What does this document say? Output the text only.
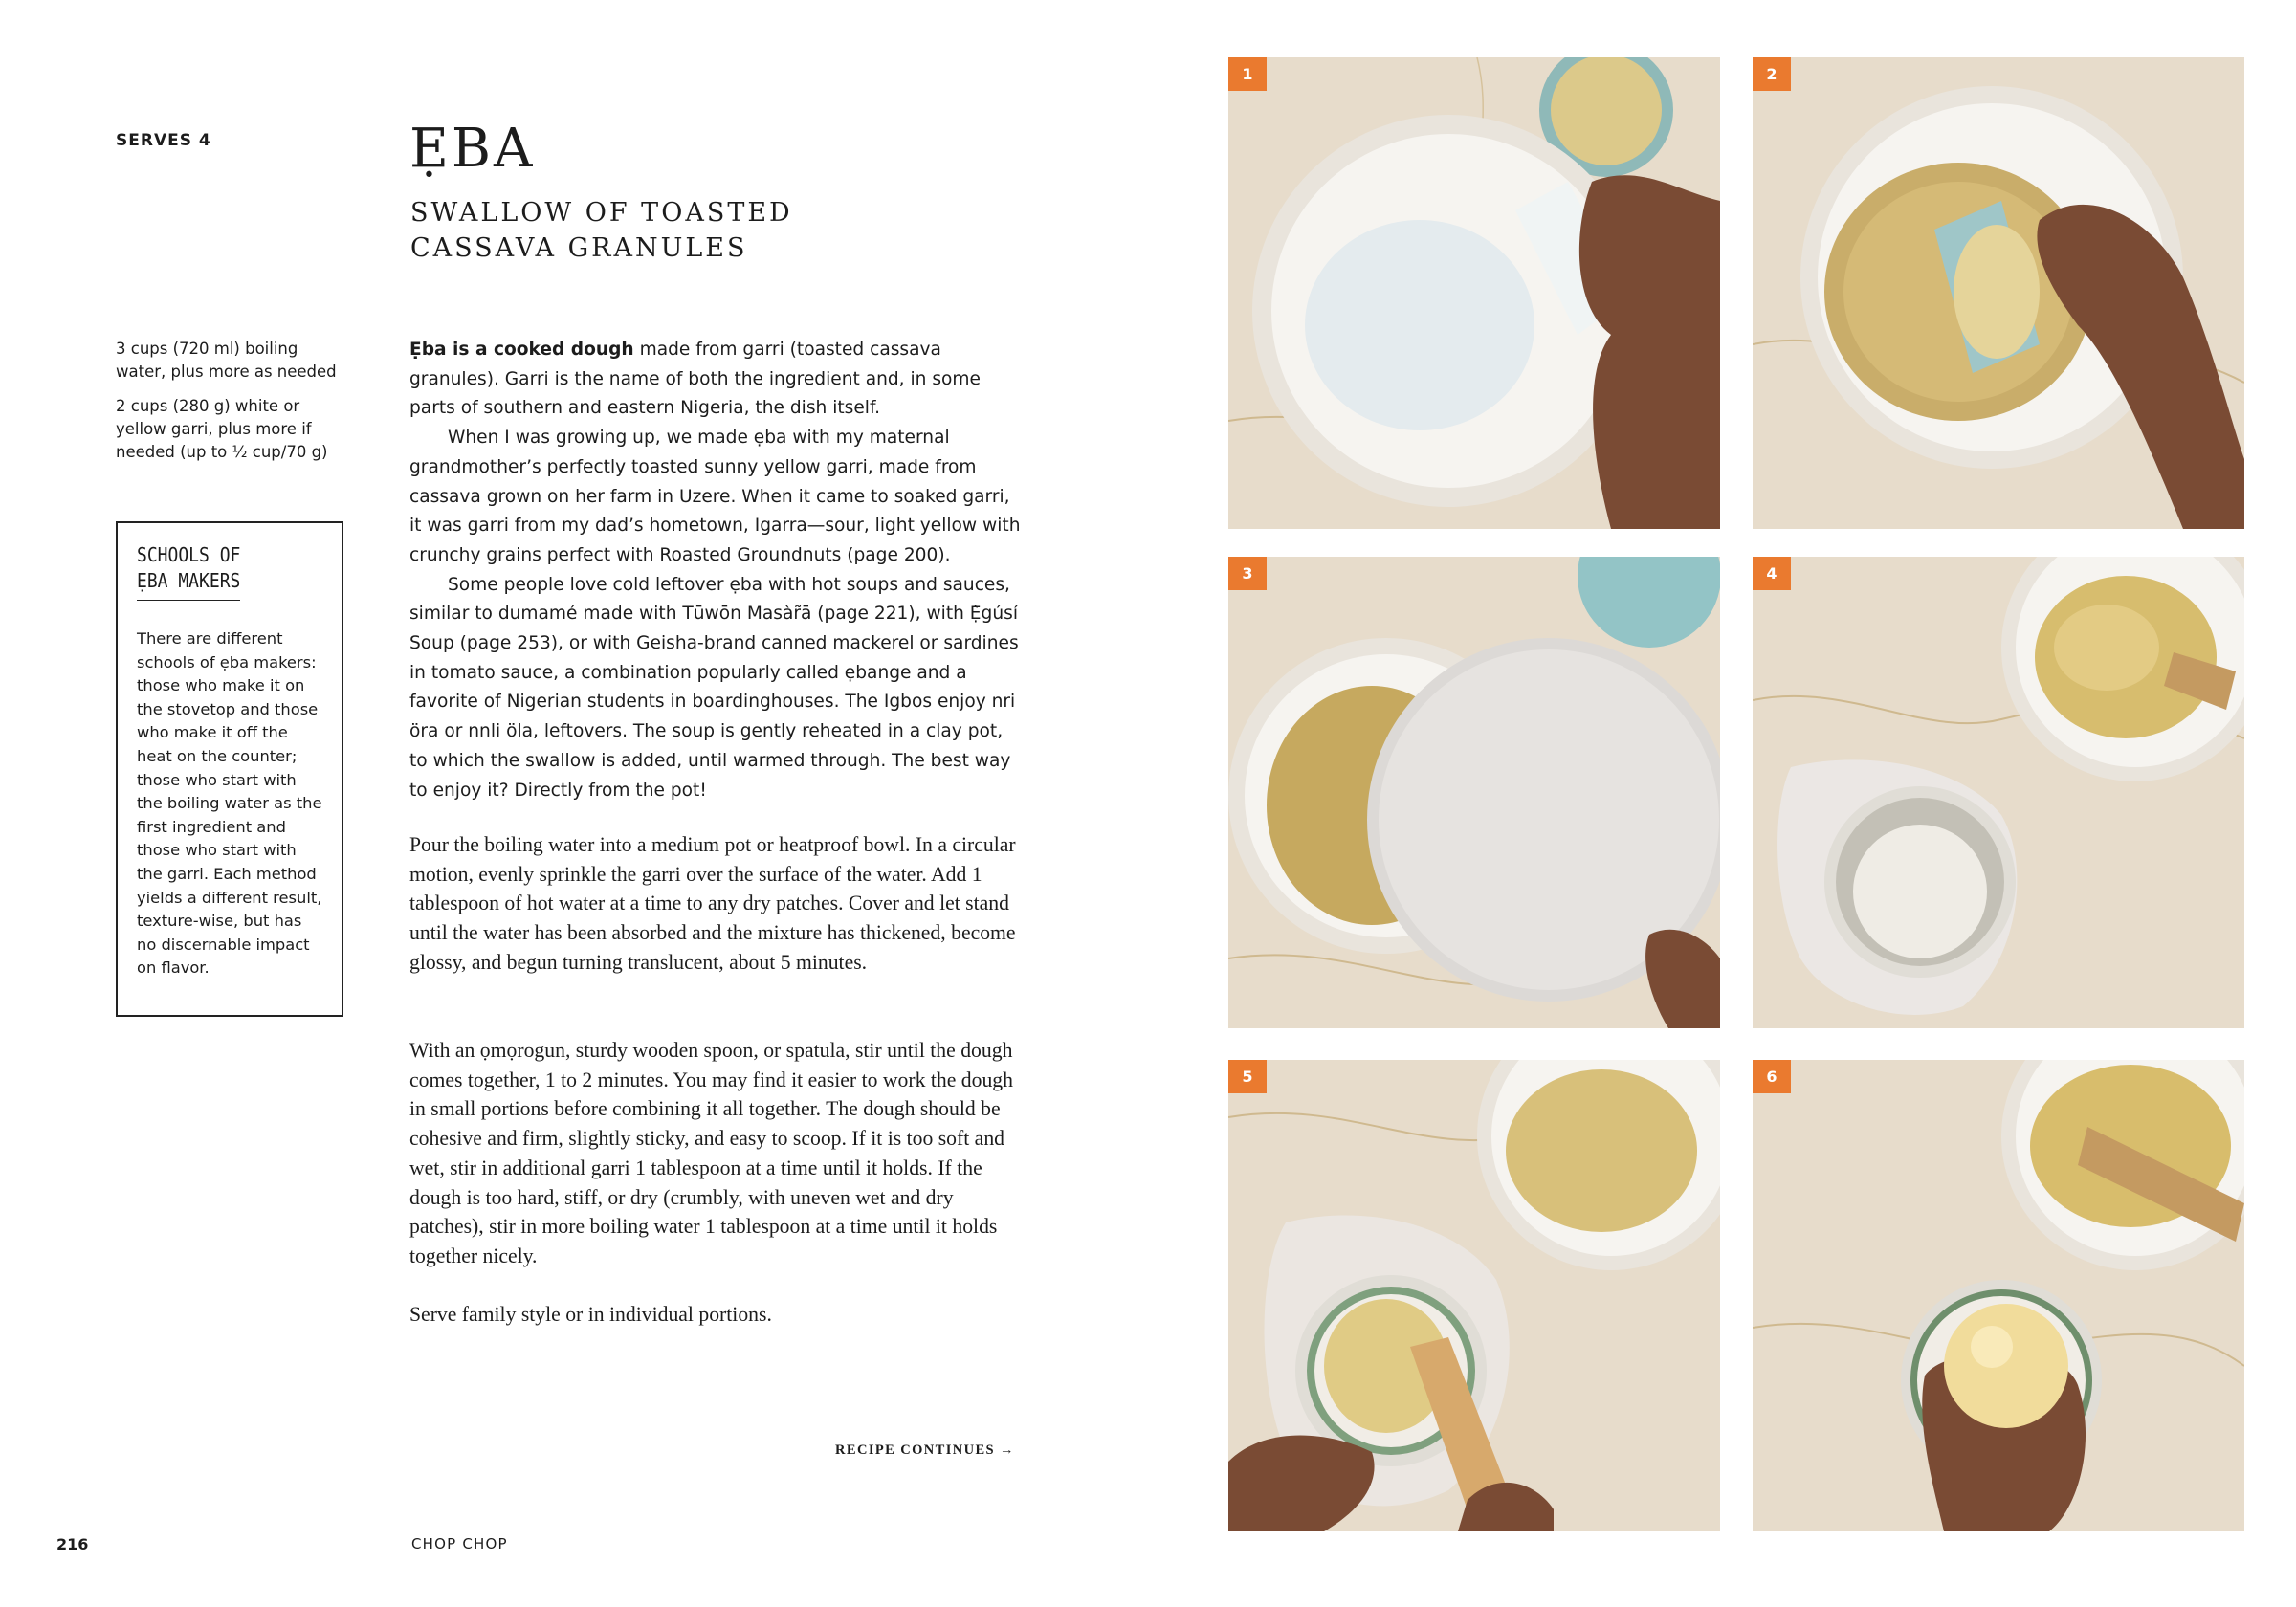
SERVES 4	ẸBA
SWALLOW OF TOASTED CASSAVA GRANULES

3 cups (720 ml) boiling water, plus more as needed

2 cups (280 g) white or yellow garri, plus more if needed (up to ½ cup/70 g)

SCHOOLS OF
ẸBA MAKERS

There are different schools of ẹba makers: those who make it on the stovetop and those who make it off the heat on the counter; those who start with the boiling water as the first ingredient and those who start with the garri. Each method yields a different result, texture-wise, but has no discernable impact on flavor.

Ẹba is a cooked dough made from garri (toasted cassava granules). Garri is the name of both the ingredient and, in some parts of southern and eastern Nigeria, the dish itself.

When I was growing up, we made ẹba with my maternal grandmother’s perfectly toasted sunny yellow garri, made from cassava grown on her farm in Uzere. When it came to soaked garri, it was garri from my dad’s hometown, Igarra—sour, light yellow with crunchy grains perfect with Roasted Groundnuts (page 200).

Some people love cold leftover ẹba with hot soups and sauces, similar to dumamé made with Tūwōn Masàr̃ā (page 221), with Ẹ̀gúsí Soup (page 253), or with Geisha-brand canned mackerel or sardines in tomato sauce, a combination popularly called ẹbange and a favorite of Nigerian students in boardinghouses. The Igbos enjoy nri öra or nnli öla, leftovers. The soup is gently reheated in a clay pot, to which the swallow is added, until warmed through. The best way to enjoy it? Directly from the pot!

Pour the boiling water into a medium pot or heatproof bowl. In a circular motion, evenly sprinkle the garri over the surface of the water. Add 1 tablespoon of hot water at a time to any dry patches. Cover and let stand until the water has been absorbed and the mixture has thickened, become glossy, and begun turning translucent, about 5 minutes.

With an ọmọrogun, sturdy wooden spoon, or spatula, stir until the dough comes together, 1 to 2 minutes. You may find it easier to work the dough in small portions before combining it all together. The dough should be cohesive and firm, slightly sticky, and easy to scoop. If it is too soft and wet, stir in additional garri 1 tablespoon at a time until it holds. If the dough is too hard, stiff, or dry (crumbly, with uneven wet and dry patches), stir in more boiling water 1 tablespoon at a time until it holds together nicely.

Serve family style or in individual portions.

RECIPE CONTINUES →
216	CHOP CHOP
1	2
3	4
5	6
